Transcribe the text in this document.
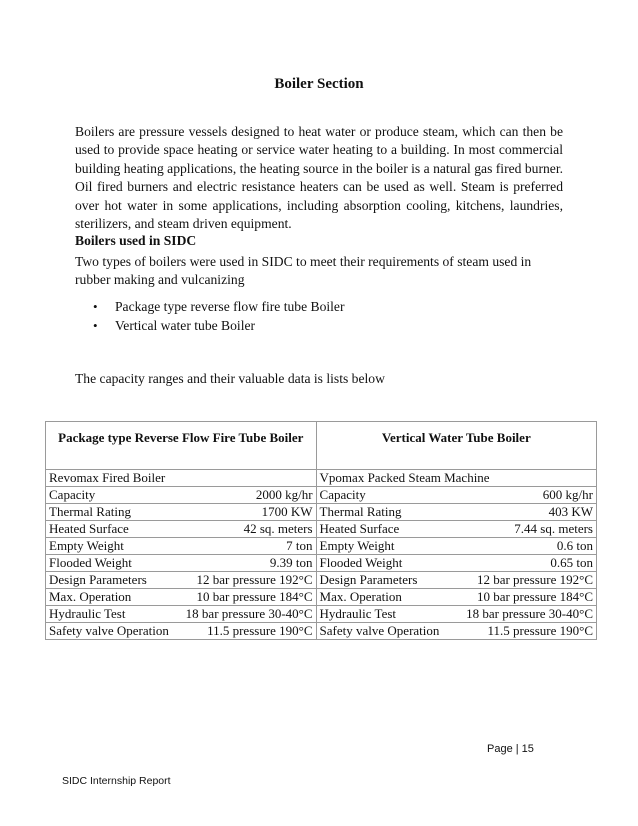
Boiler Section

Boilers are pressure vessels designed to heat water or produce steam, which can then be used to provide space heating or service water heating to a building. In most commercial building heating applications, the heating source in the boiler is a natural gas fired burner. Oil fired burners and electric resistance heaters can be used as well. Steam is preferred over hot water in some applications, including absorption cooling, kitchens, laundries, sterilizers, and steam driven equipment.

Boilers used in SIDC

Two types of boilers were used in SIDC to meet their requirements of steam used in rubber making and vulcanizing

• Package type reverse flow fire tube Boiler
• Vertical water tube Boiler
The capacity ranges and their valuable data is lists below
Package type Reverse Flow Fire Tube Boiler	Vertical Water Tube Boiler
Revomax Fired Boiler	Vpomax Packed Steam Machine

Capacity 2000 kg/hr	Capacity 600 kg/hr

Thermal Rating 1700 KW	Thermal Rating 403 KW

Heated Surface 42 sq. meters	Heated Surface 7.44 sq. meters

Empty Weight 7 ton	Empty Weight 0.6 ton

Flooded Weight 9.39 ton	Flooded Weight 0.65 ton

Design Parameters 12 bar pressure 192°C	Design Parameters 12 bar pressure 192°C

Max. Operation 10 bar pressure 184°C	Max. Operation 10 bar pressure 184°C

Hydraulic Test 18 bar pressure 30-40°C	Hydraulic Test 18 bar pressure 30-40°C

Safety valve Operation 11.5 pressure 190°C	Safety valve Operation 11.5 pressure 190°C
Page | 15
SIDC Internship Report
